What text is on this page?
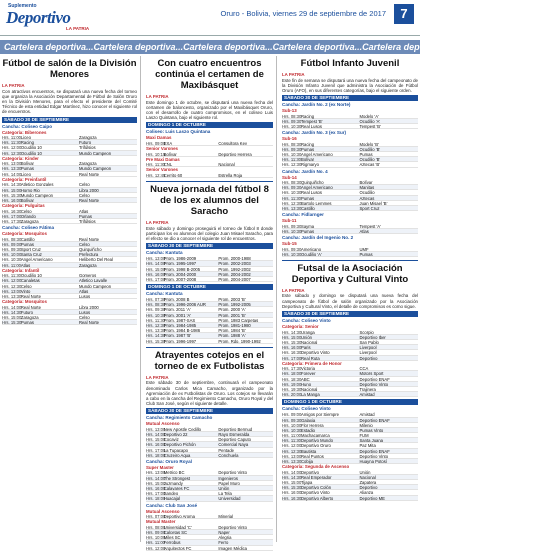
Suplemento
Deportivo
LA PATRIA
Oruro - Bolivia, viernes 29 de septiembre de 2017	7
Cartelera deportiva...Cartelera deportiva...Cartelera deportiva...Cartelera deportiva...Cartelera deportiva...Cartelera deportiva
Fútbol de salón de la División Menores
LA PATRIA

Con atractivos encuentros, se disputará una nueva fecha del torneo que organiza la Asociación Departamental de Fútbol de Salón Oruro en la División Menores, para el efecto el presidente del Comité Técnico de esta entidad Edgar Martínez, hizo conocer el siguiente rol de encuentros.

SÁBADO 30 DE SEPTIEMBRE
Cancha: Coliseo Caipo
Categoría: Biberones
Hrs. 11:00 Liceo	Zaragoza
Hrs. 11:30 Racing	Futuro
Hrs. 12:00 Ocudilio 10	Trifúlsios
Hrs. 12:30 Ocudilio 10	Mundo Campeon
Categoría: Kinder
Hrs. 13:00 Bolívar	Zaragoza
Hrs. 13:30 Pumas	Mundo Campeon
Hrs. 14:00 Liceo	Real Norte
Categoría: Preinfantil
Hrs. 14:30 Atletico Gonzales	Celso
Hrs. 15:00 Horno Rio	Libra 2000
Hrs. 15:30 Mundo Campeon	Celso
Hrs. 16:00 Bolívar	Real Norte
Categoría: Pulguitas
Hrs. 16:30 Celso	Atlas
Hrs. 17:00 Orlando	Pumas
Hrs. 17:30 Zaragoza	Trifúlsios
Cancha: Coliseo Fátima
Categoría: Mosquitos
Hrs. 08:30 Castillo	Real Norte
Hrs. 09:00 Pumas	Celso
Hrs. 09:30 Sport Cruz	Quirquiñcho
Hrs. 10:00 Santa Cruz	Prefectura
Hrs. 10:30 Angel Americano	Heliberto Del Real
Hrs. 11:00 Atlas	Zaragoza
Categoría: Infantil
Hrs. 11:30 Ocudilio 10	Gomeros
Hrs. 12:00 Canaletas	Atletico Lavalle
Hrs. 12:30 Celso	Mundo Campeon
Hrs. 13:00 Vinto	Atlas
Hrs. 13:30 Real Norte	Lusos
Categoría: Mosquitos
Hrs. 14:00 Real Norte	Libra 2000
Hrs. 14:30 Futuro	Lusos
Hrs. 15:00 Zaragoza	Celso
Hrs. 15:30 Pumas	Real Norte
Con cuatro encuentros continúa el certamen de Maxibásquet
LA PATRIA

Este domingo 1 de octubre, se disputará una nueva fecha del certamen de baloncesto, organizado por el Maxibásquet Oruro, con el desarrollo de cuatro compromisos, en el coliseo Luis Laszo Quintana, bajo el siguiente rol.

DOMINGO 1 DE OCTUBRE
Coliseo: Luis Laszo Quintana
Maxi Damas
Hrs. 09:00
EXA	Consultora Kev
Senior Varones
Hrs. 10:15
Bolívar	Deportivo Herrera
Pre Maxi Damas
Hrs. 11:30
CNL	Nacional
Senior Varones
Hrs. 12:45
Cerrito 60	Estrella Roja
Nueva jornada del fútbol 8 de los ex alumnos del Saracho
LA PATRIA

Este sábado y domingo proseguirá el torneo de fútbol 8 donde participan los ex alumnos del colegio Juan Misael Saracho, para el efecto se dio a conocer el siguiente rol de encuentros.

SÁBADO 30 DE SEPTIEMBRE
Cancha: Kantuta
Hrs. 13:00
Prom. 1986-2009	Prom. 2000-1988
Hrs. 14:00
Prom. 1995-1997	Prom. 2002-2003
Hrs. 15:00
Prom. 1998 B-2005	Prom. 1992-2002
Hrs. 16:00
Prom. 2004-2000	Prom. 2004-2002
Hrs. 17:00
Prom. 2007-2008	Prom. 2004-2007
DOMINGO 1 DE OCTUBRE
Cancha: Kantuta
Hrs. 07:30
Prom. 2008 B	Prom. 2003 'B'
Hrs. 08:30
Prom. 1996-2006 AUR	Prom. 1992-2005
Hrs. 09:30
Prom. 2011 'A'	Prom. 2000 'A'
Hrs. 10:30
Prom. 2001 'A'	Prom. 2001 'B'
Hrs. 11:30
Prom. 1987-SAS	Prom. 1983 Carpetas
Hrs. 12:30
Prom. 1984-1985	Prom. 1981-1980
Hrs. 13:30
Prom. 1984 B-1986	Prom. 1984 'B'
Hrs. 14:30
Prom. 1987 'B'	Prom. 1988 'A'
Hrs. 15:30
Prom. 1996-1997	Prom. Rdo. 1990-1992
Atrayentes cotejos en el torneo de ex Futbolistas
LA PATRIA

Este sábado 30 de septiembre, continuará el campeonato denominado Carlos Mica Camacho, organizado por la Agremiación de ex Futbolistas de Oruro. Los cotejos se llevarán a cabo en la cancha del Regimiento Camacho, Oruro Royal y del Club San José, según el siguiente detalle.

SÁBADO 30 DE SEPTIEMBRE
Cancha: Regimiento Camacho
Mutual Ascenso
Hrs. 13:00
New Apostle Cedillo	Deportivo Bermud
Hrs. 14:00
Deportivo 22	Rayo Esmeralda
Hrs. 15:00
Cocaviz	Deportivo Caputo
Hrs. 16:00
Deportivo Pichón	Comercial Naya
Hrs. 17:00
La Tupacapo	Pentade
Hrs. 18:00
Cruzeiro Aqua	Conchuela
Cancha: Oruro Royal
Super Master
Hrs. 13:00
Metrico BC	Deportivo Vinto
Hrs. 14:00
The Strongest	Ingenieros
Hrs. 15:00
Juzmandy	Papel Muro
Hrs. 16:00
Calavares FC	Unión
Hrs. 17:00
Sandeo	La Tela
Hrs. 18:00
Huacajal	Universidad
Cancha: Club San José
Mutual Ascenso
Hrs. 07:00
Deportivo Aroma	Minerial
Mutual Master
Hrs. 08:00
Universidad 'C'	Deportivo Vinto
Hrs. 09:00
Calcetas SC	Naper
Hrs. 10:00
Miles SC	Alegria
Hrs. 11:00
Ferrobus	Ferro
Hrs. 12:00
Arquitectos FC	Imagen Médica
Fútbol Infanto Juvenil
LA PATRIA

Este fin de semana se disputará una nueva fecha del campeonato de la División Infanto Juvenil que administra la Asociación de Fútbol Oruro (AFO), en sus diferentes categorías, bajo el siguiente orden.

SÁBADO 30 DE SEPTIEMBRE
Cancha: Jardín No. 2 (ex Norte)
Sub-13
Hrs. 08:30 Racing	Modelo 'A'
Hrs. 09:30 Tempest 'B'	Ocudilio 'A'
Hrs. 10:30 Real Lusos	Tempest 'B'
Cancha: Jardín No. 3 (ex Sur)
Sub-16
Hrs. 08:30 Racing	Modelo 'B'
Hrs. 09:30 Pumas	Ocudilio 'B'
Hrs. 10:30 Angel Americano	Pumas
Hrs. 11:30 Bolívar	Ocudilio 'B'
Hrs. 12:30 Rigmaryo	Aztecas 'B'
Cancha: Jardín No. 4
Sub-14
Hrs. 08:30 Quirquiñcho	Bolívar
Hrs. 09:30 Angel Americano	Manitas
Hrs. 10:30 Real Lusos	Ocudilio
Hrs. 11:30 Pumas	Aztecas
Hrs. 12:30 Bartolo Lemmes	Juan Misael 'B'
Hrs. 13:30 Castillo	Sport Cruz
Cancha: Fidlarnger
Sub-11
Hrs. 09:30 Sayma	Tempest 'A'
Hrs. 10:30 Pumas	Atlas
Cancha: Jardín del Ingenio No. 2
Sub-15
Hrs. 09:30 Americano	UMF
Hrs. 10:30 Ocudilio 'A'	Pumas
Futsal de la Asociación Deportiva y Cultural Vinto
LA PATRIA

Este sábado y domingo se disputará una nueva fecha del campeonato de fútbol de salón organizado por la Asociación Deportiva y Cultural Vinto, el detalle de compromisos es como sigue.

SÁBADO 30 DE SEPTIEMBRE
Cancha: Coliseo Vinto
Categoría: Senior
Hrs. 14:30 Uranga	Scorpio
Hrs. 15:00 Unión	Deportivo Iber
Hrs. 15:30 Nacional	San Pablo
Hrs. 16:00 Paris	Liverpool
Hrs. 16:30 Deportivo Vinto	Liverpool
Hrs. 17:00 Real Ruta	Deportivo
Categoría: Primera de Honor
Hrs. 17:30 Victoria	CCA
Hrs. 18:00 Forever	Motors Sport
Hrs. 18:30 ABC	Deportivo ENAF
Hrs. 19:00 Huno	Deportivo Vinto
Hrs. 19:30 Nacional	Trajinera
Hrs. 20:00 La Manga	Amistad
DOMINGO 1 DE OCTUBRE
Cancha: Coliseo Vinto
Hrs. 09:00 Amigos por Siempre	Amistad
Hrs. 09:30 Galaxia	Deportivo ENAF
Hrs. 10:00 Flor Herrera	Milenio
Hrs. 10:30 Estadio	Pumas Vinto
Hrs. 11:00 Machacamarca	FUM
Hrs. 11:30 Deportivo Mundo	Santa Juana
Hrs. 12:00 Deportivo Oruro	Paz Mita
Hrs. 12:30 Bautista	Deportivo ENAF
Hrs. 13:00 Real Puntos	Deportivo Vinto
Hrs. 13:30 Cobija	Huayna Potosí
Categoría: Segunda de Ascenso
Hrs. 14:00 Deportivo	Unión
Hrs. 14:30 Real Emperador	Nacional
Hrs. 15:00 Tijapa	Zapatera
Hrs. 15:30 Deportivo Colón	Deportivo
Hrs. 16:00 Deportivo Vinto	Alianza
Hrs. 16:30 Deportivo Alberto	Deportivo ME
